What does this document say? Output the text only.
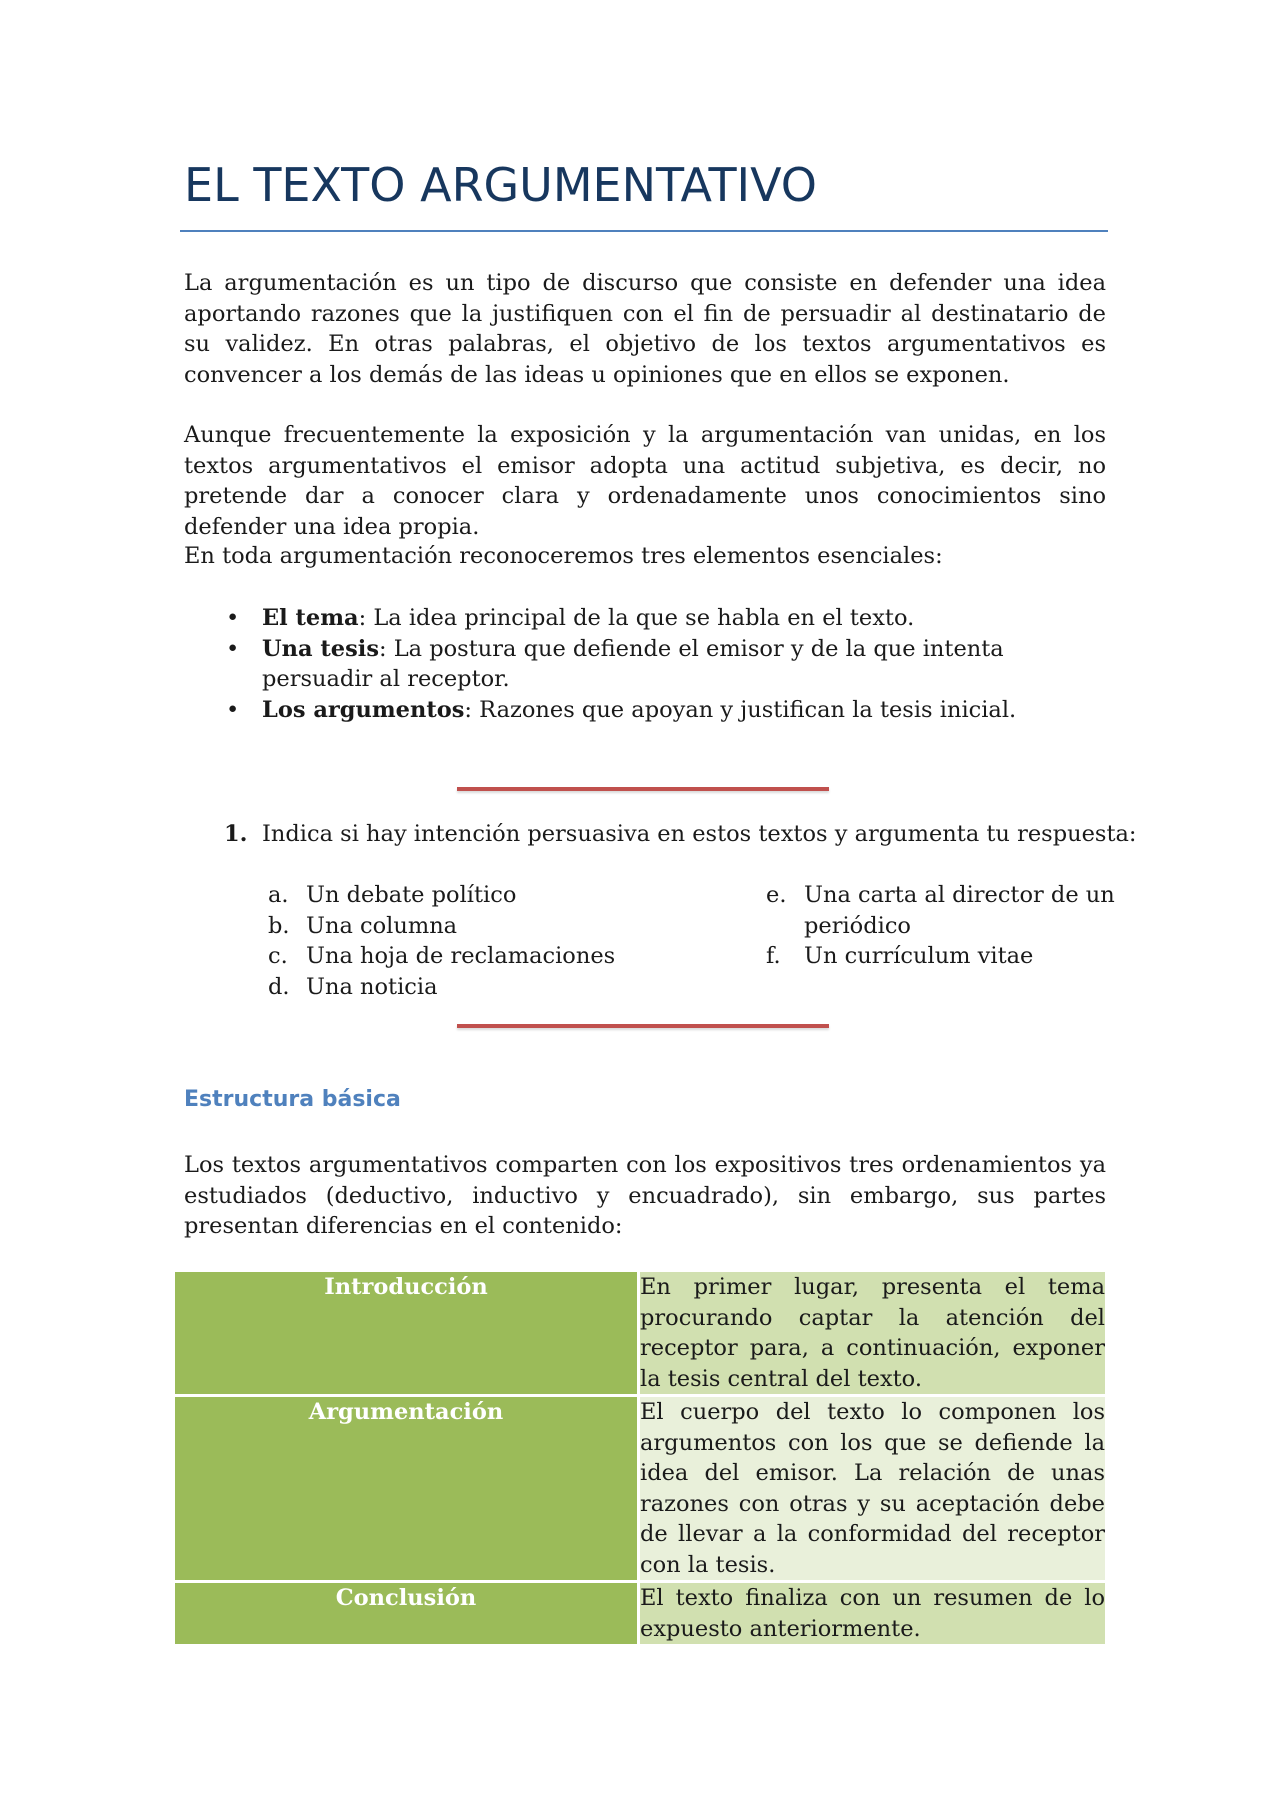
EL TEXTO ARGUMENTATIVO

La argumentación es un tipo de discurso que consiste en defender una idea aportando razones que la justifiquen con el fin de persuadir al destinatario de su validez. En otras palabras, el objetivo de los textos argumentativos es convencer a los demás de las ideas u opiniones que en ellos se exponen.

Aunque frecuentemente la exposición y la argumentación van unidas, en los textos argumentativos el emisor adopta una actitud subjetiva, es decir, no pretende dar a conocer clara y ordenadamente unos conocimientos sino defender una idea propia.

En toda argumentación reconoceremos tres elementos esenciales:

• El tema: La idea principal de la que se habla en el texto.
• Una tesis: La postura que defiende el emisor y de la que intenta persuadir al receptor.
• Los argumentos: Razones que apoyan y justifican la tesis inicial.
1. Indica si hay intención persuasiva en estos textos y argumenta tu respuesta:
a. Un debate político
b. Una columna
c. Una hoja de reclamaciones
d. Una noticia
e. Una carta al director de un
periódico
f. Un currículum vitae
Estructura básica

Los textos argumentativos comparten con los expositivos tres ordenamientos ya estudiados (deductivo, inductivo y encuadrado), sin embargo, sus partes presentan diferencias en el contenido:

Introducción	En primer lugar, presenta el tema procurando captar la atención del receptor para, a continuación, exponer la tesis central del texto.
Argumentación	El cuerpo del texto lo componen los argumentos con los que se defiende la idea del emisor. La relación de unas razones con otras y su aceptación debe de llevar a la conformidad del receptor con la tesis.
Conclusión	El texto finaliza con un resumen de lo expuesto anteriormente.
